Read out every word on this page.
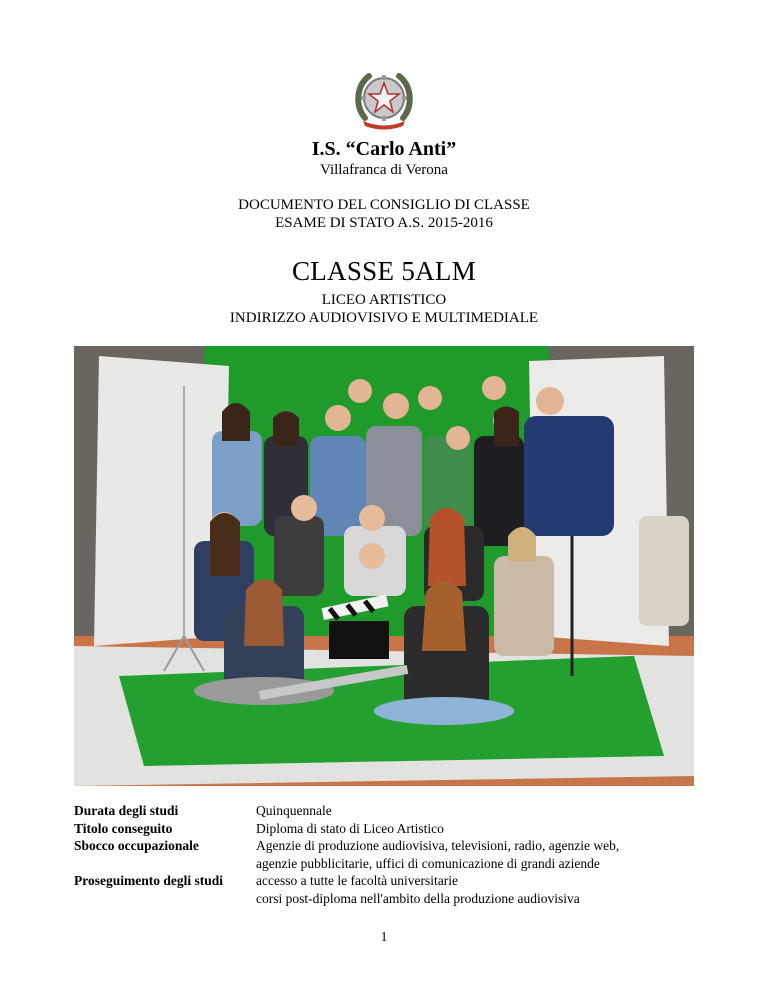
I.S. “Carlo Anti”
Villafranca di Verona
DOCUMENTO DEL CONSIGLIO DI CLASSE
ESAME DI STATO A.S. 2015-2016
CLASSE 5ALM
LICEO ARTISTICO
INDIRIZZO AUDIOVISIVO E MULTIMEDIALE
Durata degli studi	Quinquennale
Titolo conseguito	Diploma di stato di Liceo Artistico
Sbocco occupazionale	Agenzie di produzione audiovisiva, televisioni, radio, agenzie web,
agenzie pubblicitarie, uffici di comunicazione di grandi aziende
Proseguimento degli studi	accesso a tutte le facoltà universitarie
corsi post-diploma nell'ambito della produzione audiovisiva
1
